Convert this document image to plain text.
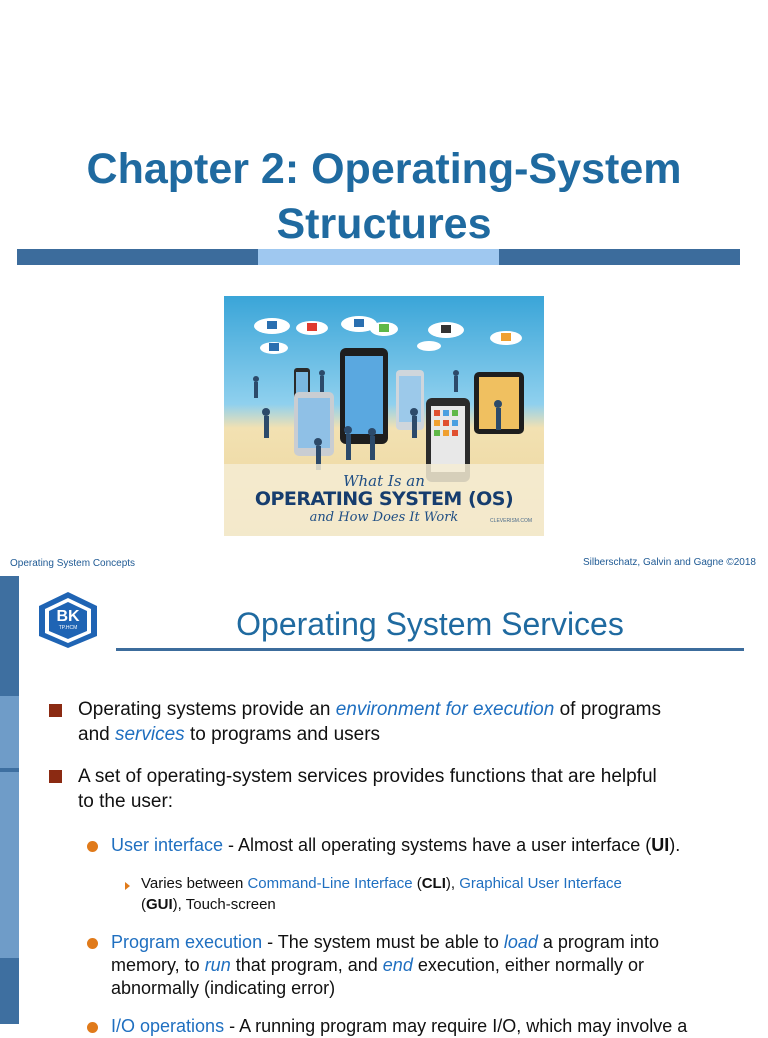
Chapter 2: Operating-System
Structures
What Is an
OPERATING SYSTEM (OS)
and How Does It Work	CLEVERISM.COM
Operating System Concepts	Silberschatz, Galvin and Gagne ©2018
BK
TP.HCM	Operating System Services
Operating systems provide an environment for execution of programs
and services to programs and users
A set of operating-system services provides functions that are helpful
to the user:
User interface - Almost all operating systems have a user interface (UI).
Varies between Command-Line Interface (CLI), Graphical User Interface
(GUI), Touch-screen
Program execution - The system must be able to load a program into
memory, to run that program, and end execution, either normally or
abnormally (indicating error)
I/O operations - A running program may require I/O, which may involve a
